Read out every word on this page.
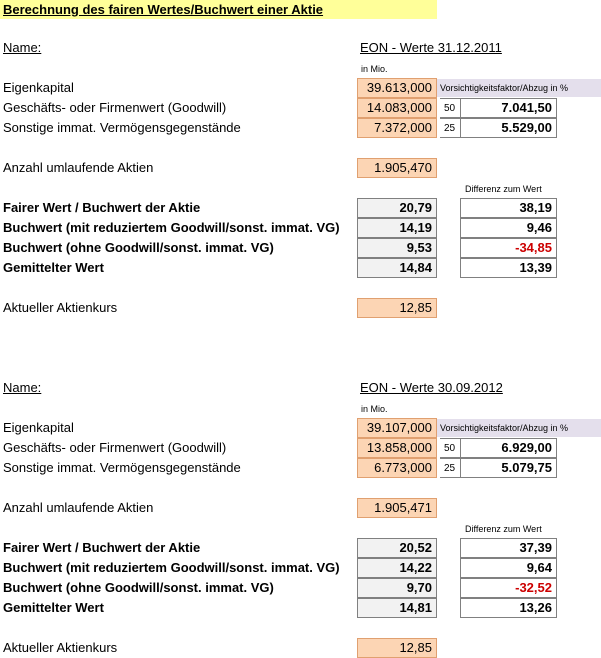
Berechnung des fairen Wertes/Buchwert einer Aktie
Name:	EON - Werte 31.12.2011
in Mio.
Eigenkapital	39.613,000 Vorsichtigkeitsfaktor/Abzug in %
Geschäfts- oder Firmenwert (Goodwill)	14.083,000	50	7.041,50
Sonstige immat. Vermögensgegenstände	7.372,000	25	5.529,00
Anzahl umlaufende Aktien	1.905,470
Differenz zum Wert
Fairer Wert / Buchwert der Aktie	20,79	38,19
Buchwert (mit reduziertem Goodwill/sonst. immat. VG)	14,19	9,46
Buchwert (ohne Goodwill/sonst. immat. VG)	9,53	-34,85
Gemittelter Wert	14,84	13,39
Aktueller Aktienkurs	12,85
Name:	EON - Werte 30.09.2012
in Mio.
Eigenkapital	39.107,000 Vorsichtigkeitsfaktor/Abzug in %
Geschäfts- oder Firmenwert (Goodwill)	13.858,000	50	6.929,00
Sonstige immat. Vermögensgegenstände	6.773,000	25	5.079,75
Anzahl umlaufende Aktien	1.905,471
Differenz zum Wert
Fairer Wert / Buchwert der Aktie	20,52	37,39
Buchwert (mit reduziertem Goodwill/sonst. immat. VG)	14,22	9,64
Buchwert (ohne Goodwill/sonst. immat. VG)	9,70	-32,52
Gemittelter Wert	14,81	13,26
Aktueller Aktienkurs	12,85
